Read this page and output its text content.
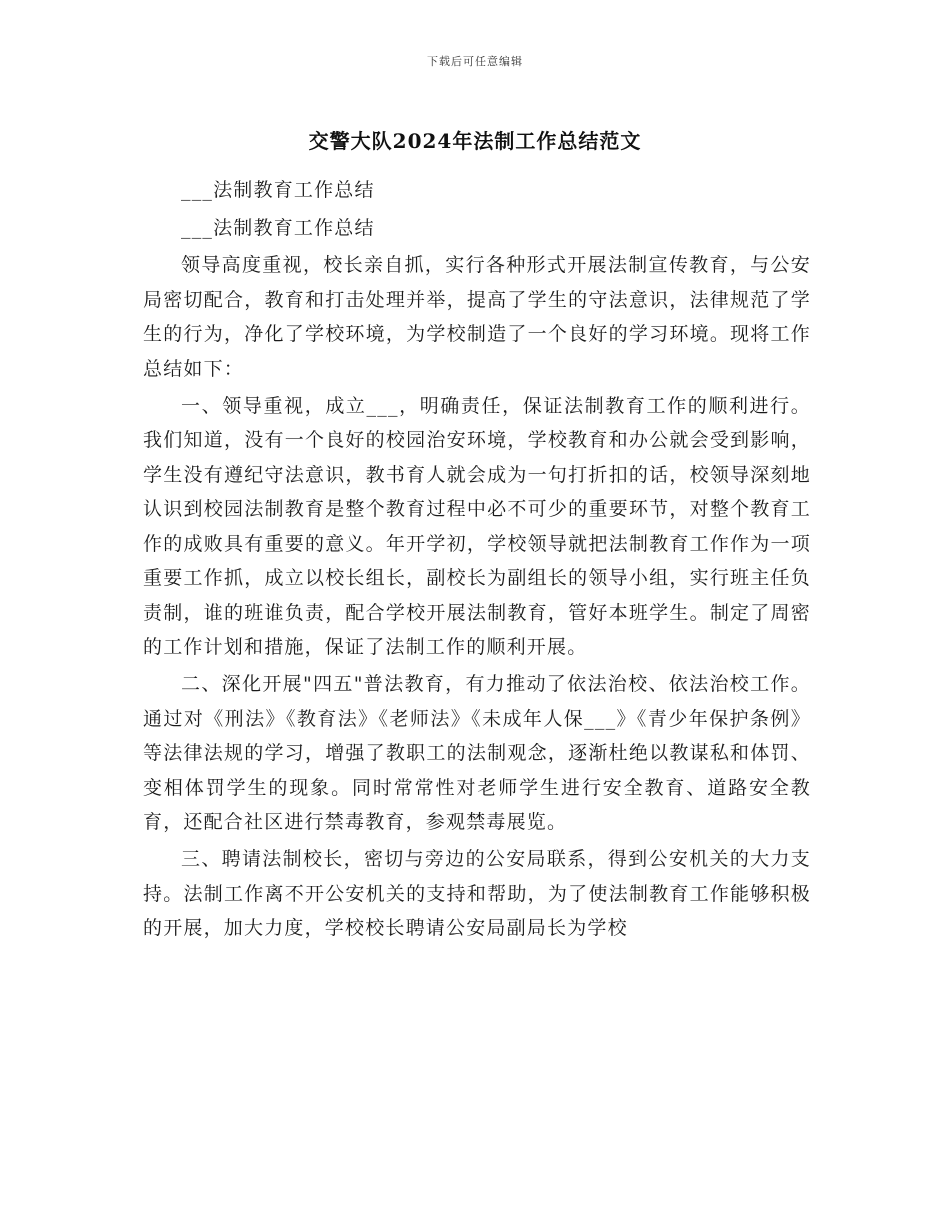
下载后可任意编辑
交警大队2024年法制工作总结范文

___法制教育工作总结

___法制教育工作总结

领导高度重视，校长亲自抓，实行各种形式开展法制宣传教育，与公安局密切配合，教育和打击处理并举，提高了学生的守法意识，法律规范了学生的行为，净化了学校环境，为学校制造了一个良好的学习环境。现将工作总结如下：

一、领导重视，成立___，明确责任，保证法制教育工作的顺利进行。我们知道，没有一个良好的校园治安环境，学校教育和办公就会受到影响，学生没有遵纪守法意识，教书育人就会成为一句打折扣的话，校领导深刻地认识到校园法制教育是整个教育过程中必不可少的重要环节，对整个教育工作的成败具有重要的意义。年开学初，学校领导就把法制教育工作作为一项重要工作抓，成立以校长组长，副校长为副组长的领导小组，实行班主任负责制，谁的班谁负责，配合学校开展法制教育，管好本班学生。制定了周密的工作计划和措施，保证了法制工作的顺利开展。

二、深化开展"四五"普法教育，有力推动了依法治校、依法治校工作。通过对《刑法》《教育法》《老师法》《未成年人保___》《青少年保护条例》等法律法规的学习，增强了教职工的法制观念，逐渐杜绝以教谋私和体罚、变相体罚学生的现象。同时常常性对老师学生进行安全教育、道路安全教育，还配合社区进行禁毒教育，参观禁毒展览。

三、聘请法制校长，密切与旁边的公安局联系，得到公安机关的大力支持。法制工作离不开公安机关的支持和帮助，为了使法制教育工作能够积极的开展，加大力度，学校校长聘请公安局副局长为学校
